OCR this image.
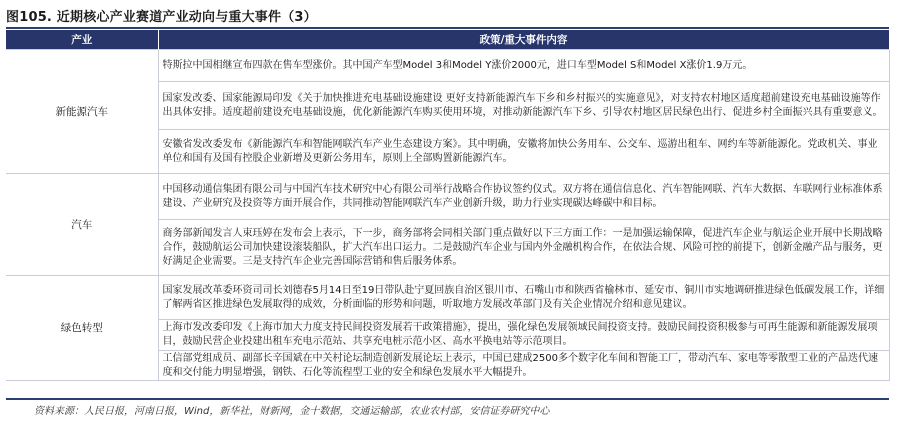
图105. 近期核心产业赛道产业动向与重大事件（3）
产业	政策/重大事件内容
新能源汽车	特斯拉中国相继宣布四款在售车型涨价。其中国产车型Model 3和Model Y涨价2000元，进口车型Model S和Model X涨价1.9万元。
	国家发改委、国家能源局印发《关于加快推进充电基础设施建设 更好支持新能源汽车下乡和乡村振兴的实施意见》，对支持农村地区适度超前建设充电基础设施等作出具体安排。适度超前建设充电基础设施，优化新能源汽车购买使用环境，对推动新能源汽车下乡、引导农村地区居民绿色出行、促进乡村全面振兴具有重要意义。
	安徽省发改委发布《新能源汽车和智能网联汽车产业生态建设方案》。其中明确，安徽将加快公务用车、公交车、巡游出租车、网约车等新能源化。党政机关、事业单位和国有及国有控股企业新增及更新公务用车，原则上全部购置新能源汽车。
汽车	中国移动通信集团有限公司与中国汽车技术研究中心有限公司举行战略合作协议签约仪式。双方将在通信信息化、汽车智能网联、汽车大数据、车联网行业标准体系建设、产业研究及投资等方面开展合作，共同推动智能网联汽车产业创新升级，助力行业实现碳达峰碳中和目标。
	商务部新闻发言人束珏婷在发布会上表示，下一步，商务部将会同相关部门重点做好以下三方面工作：一是加强运输保障，促进汽车企业与航运企业开展中长期战略合作，鼓励航运公司加快建设滚装船队，扩大汽车出口运力。二是鼓励汽车企业与国内外金融机构合作，在依法合规、风险可控的前提下，创新金融产品与服务，更好满足企业需要。三是支持汽车企业完善国际营销和售后服务体系。
绿色转型	国家发展改革委环资司司长刘德春5月14日至19日带队赴宁夏回族自治区银川市、石嘴山市和陕西省榆林市、延安市、铜川市实地调研推进绿色低碳发展工作，详细了解两省区推进绿色发展取得的成效，分析面临的形势和问题，听取地方发展改革部门及有关企业情况介绍和意见建议。
	上海市发改委印发《上海市加大力度支持民间投资发展若干政策措施》，提出，强化绿色发展领域民间投资支持。鼓励民间投资积极参与可再生能源和新能源发展项目，鼓励民营企业投建出租车充电示范站、共享充电桩示范小区、高水平换电站等示范项目。
	工信部党组成员、副部长辛国斌在中关村论坛制造创新发展论坛上表示，中国已建成2500多个数字化车间和智能工厂，带动汽车、家电等零散型工业的产品迭代速度和交付能力明显增强，钢铁、石化等流程型工业的安全和绿色发展水平大幅提升。
资料来源：人民日报，河南日报，Wind，新华社，财新网，金十数据，交通运输部，农业农村部，安信证券研究中心
